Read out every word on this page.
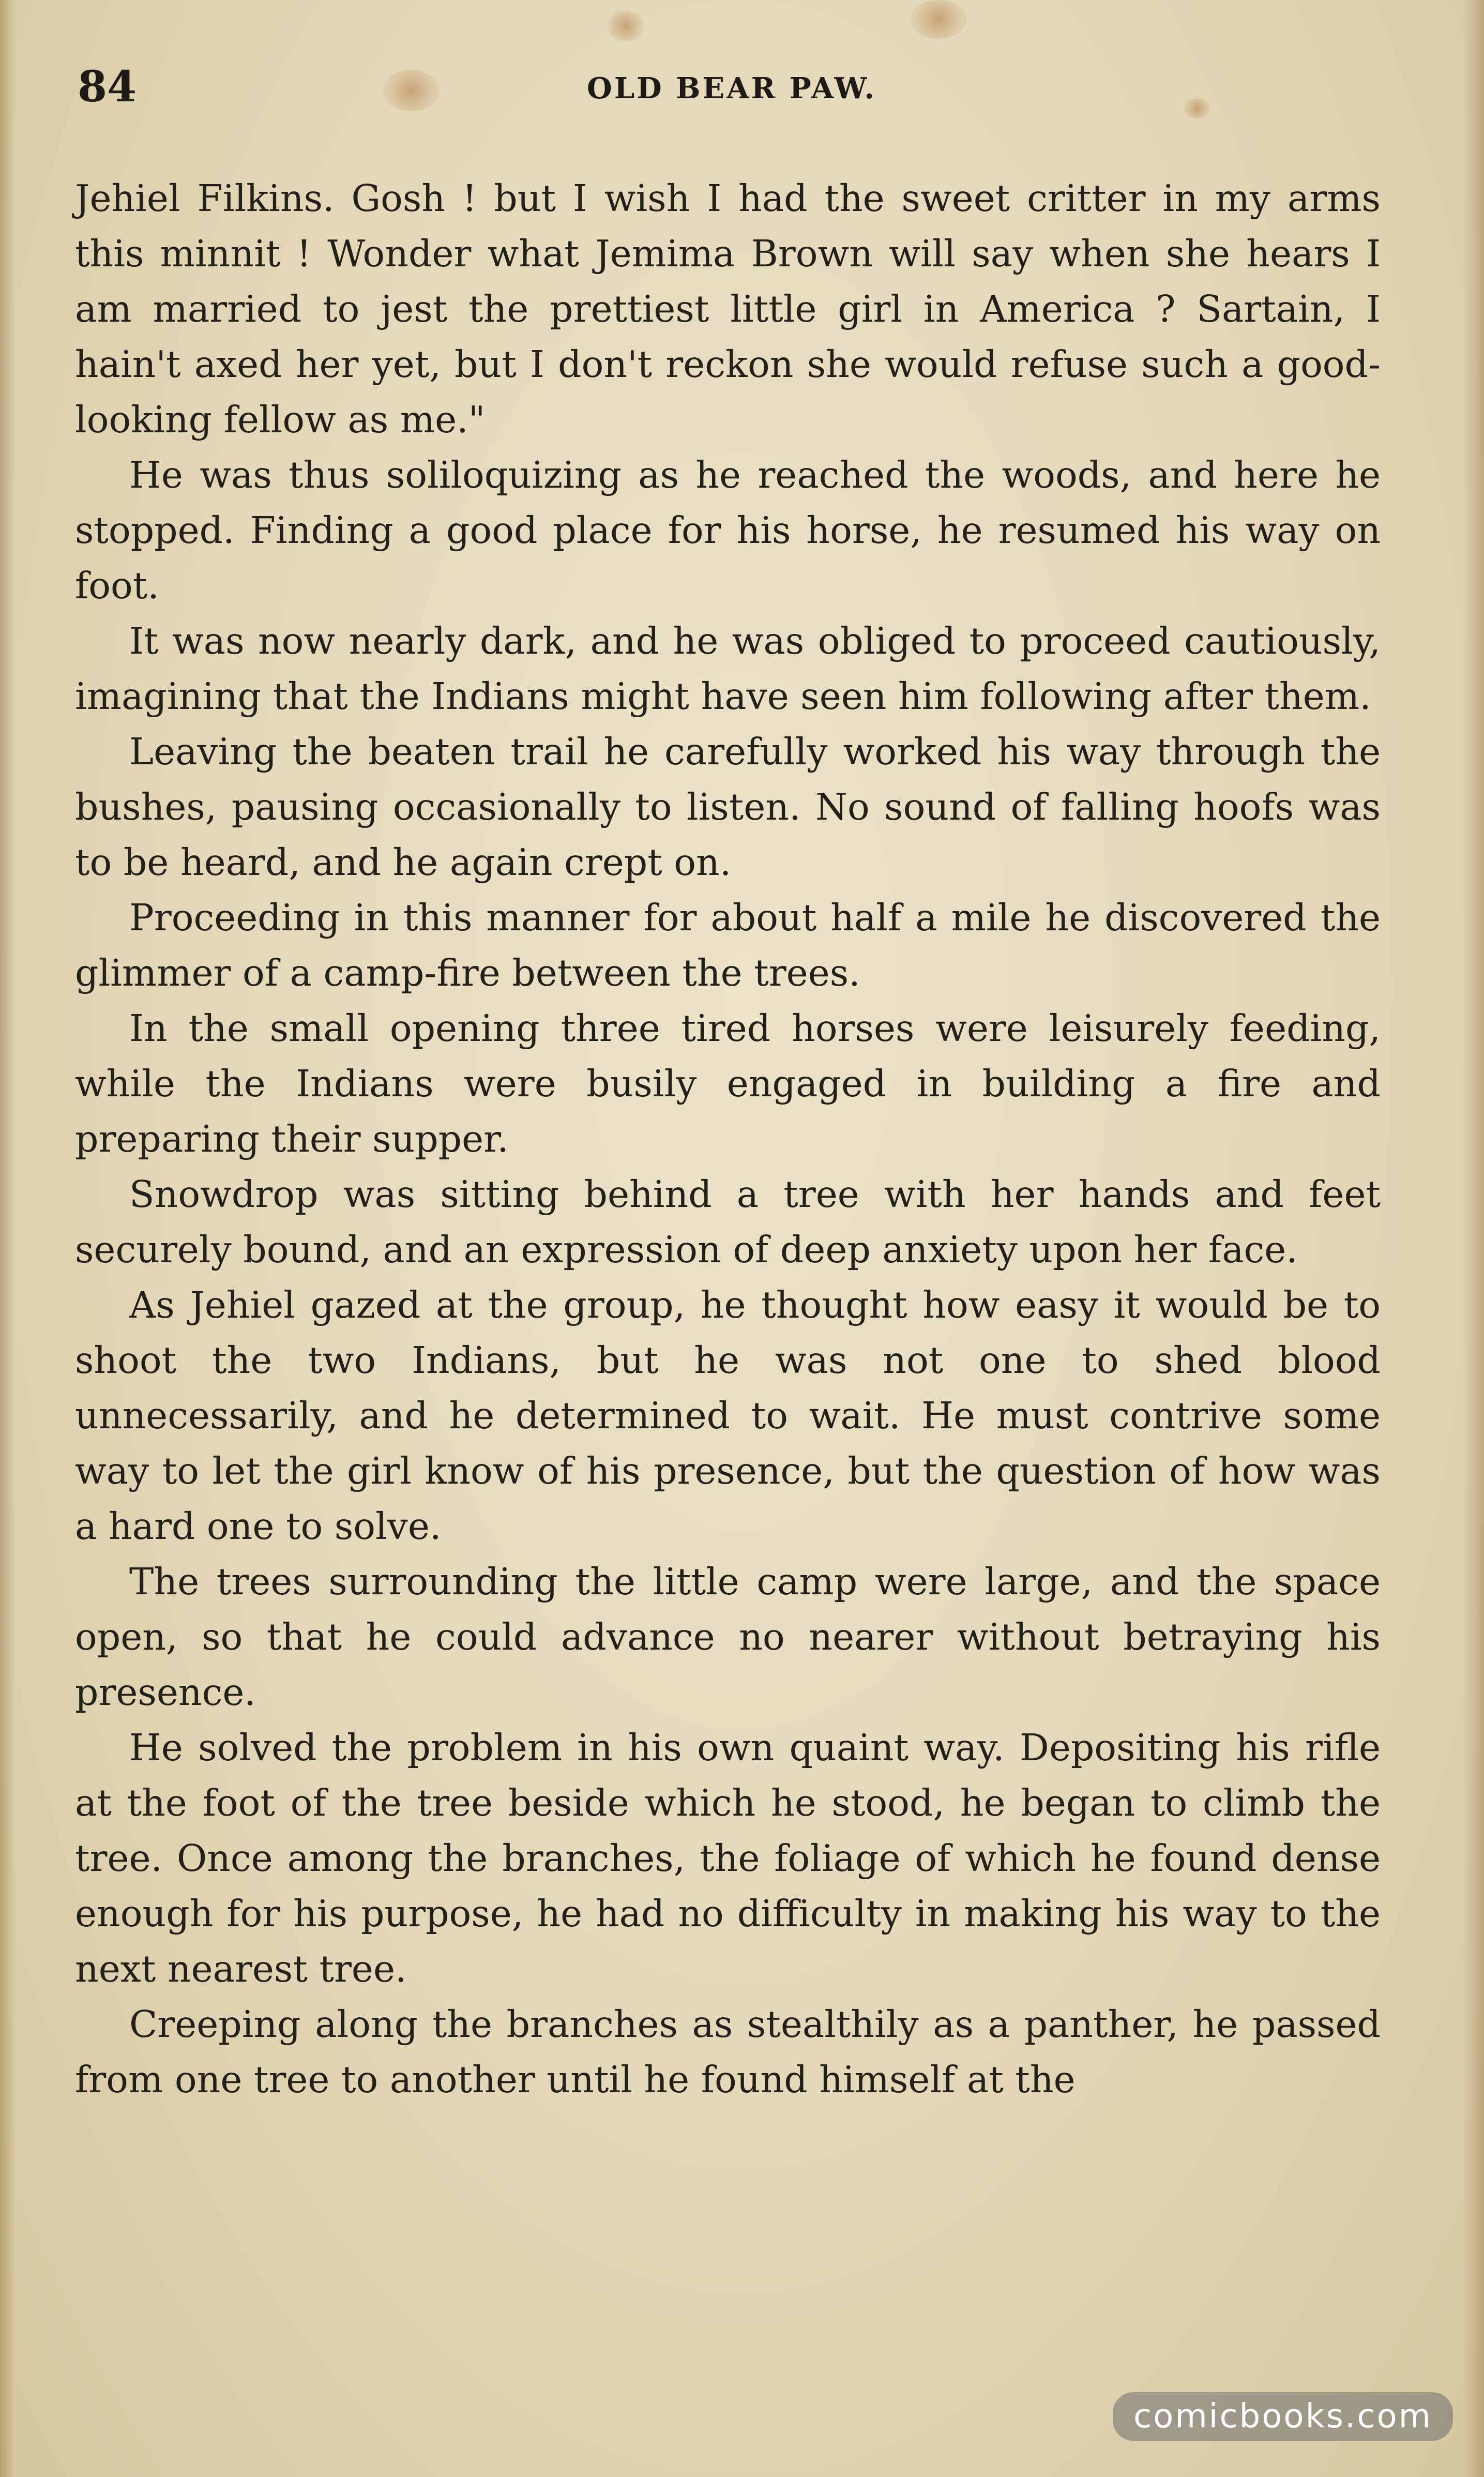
84	OLD BEAR PAW.

Jehiel Filkins. Gosh ! but I wish I had the sweet critter in my arms this minnit ! Wonder what Jemima Brown will say when she hears I am married to jest the prettiest little girl in America ? Sartain, I hain't axed her yet, but I don't reckon she would refuse such a good-looking fellow as me."

He was thus soliloquizing as he reached the woods, and here he stopped. Finding a good place for his horse, he resumed his way on foot.

It was now nearly dark, and he was obliged to proceed cautiously, imagining that the Indians might have seen him following after them.

Leaving the beaten trail he carefully worked his way through the bushes, pausing occasionally to listen. No sound of falling hoofs was to be heard, and he again crept on.

Proceeding in this manner for about half a mile he discovered the glimmer of a camp-fire between the trees.

In the small opening three tired horses were leisurely feeding, while the Indians were busily engaged in building a fire and preparing their supper.

Snowdrop was sitting behind a tree with her hands and feet securely bound, and an expression of deep anxiety upon her face.

As Jehiel gazed at the group, he thought how easy it would be to shoot the two Indians, but he was not one to shed blood unnecessarily, and he determined to wait. He must contrive some way to let the girl know of his presence, but the question of how was a hard one to solve.

The trees surrounding the little camp were large, and the space open, so that he could advance no nearer without betraying his presence.

He solved the problem in his own quaint way. Depositing his rifle at the foot of the tree beside which he stood, he began to climb the tree. Once among the branches, the foliage of which he found dense enough for his purpose, he had no difficulty in making his way to the next nearest tree.

Creeping along the branches as stealthily as a panther, he passed from one tree to another until he found himself at the

comicbooks.com
